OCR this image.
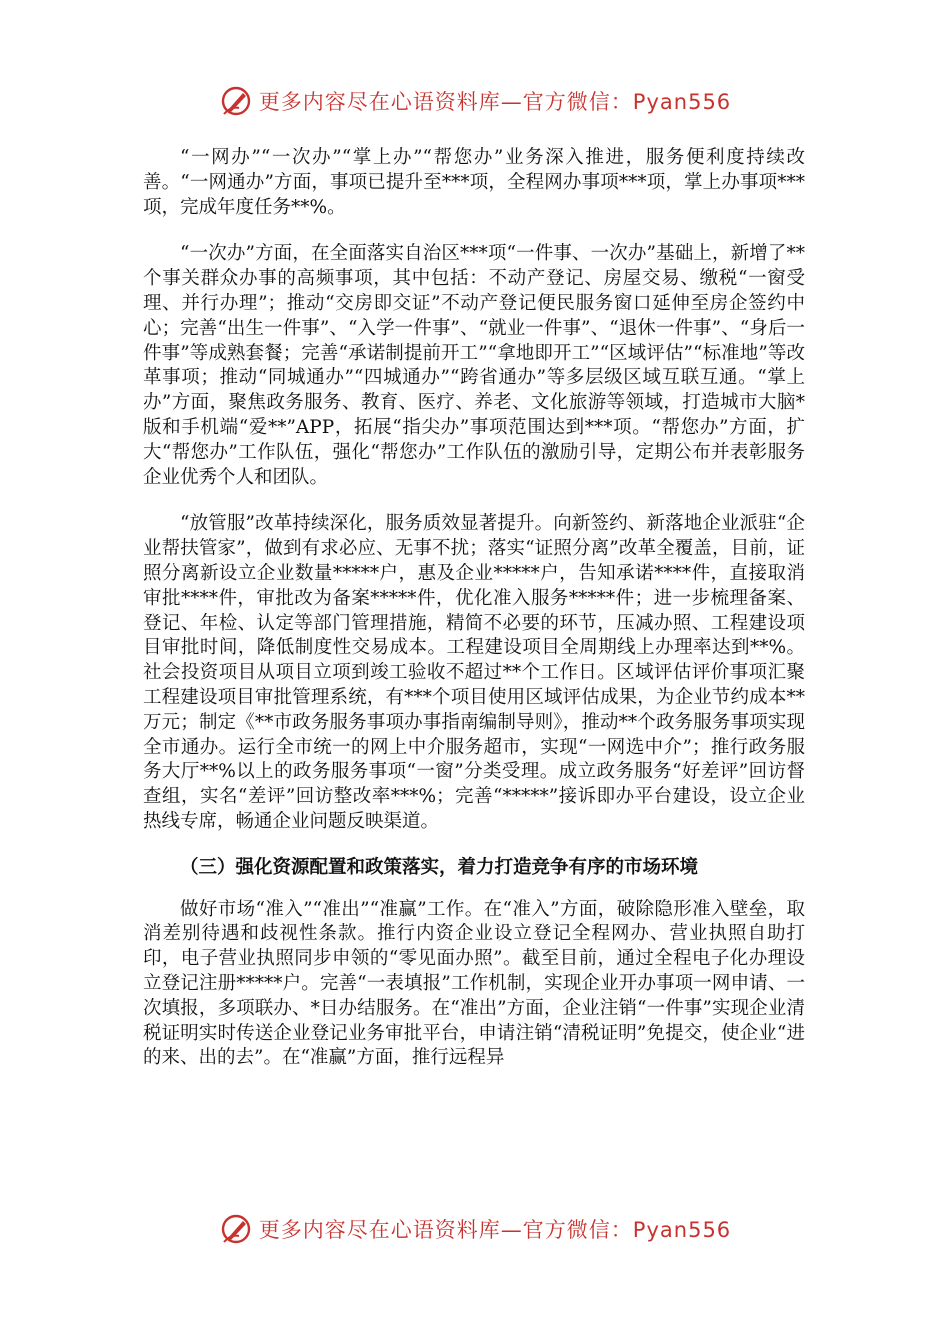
更多内容尽在心语资料库—官方微信：Pyan556

“一网办”“一次办”“掌上办”“帮您办”业务深入推进，服务便利度持续改善。“一网通办”方面，事项已提升至***项，全程网办事项***项，掌上办事项***项，完成年度任务**%。

“一次办”方面，在全面落实自治区***项“一件事、一次办”基础上，新增了**个事关群众办事的高频事项，其中包括：不动产登记、房屋交易、缴税“一窗受理、并行办理”；推动“交房即交证”不动产登记便民服务窗口延伸至房企签约中心；完善“出生一件事”、“入学一件事”、“就业一件事”、“退休一件事”、“身后一件事”等成熟套餐；完善“承诺制提前开工”“拿地即开工”“区域评估”“标准地”等改革事项；推动“同城通办”“四城通办”“跨省通办”等多层级区域互联互通。“掌上办”方面，聚焦政务服务、教育、医疗、养老、文化旅游等领域，打造城市大脑*版和手机端“爱**”APP，拓展“指尖办”事项范围达到***项。“帮您办”方面，扩大“帮您办”工作队伍，强化“帮您办”工作队伍的激励引导，定期公布并表彰服务企业优秀个人和团队。

“放管服”改革持续深化，服务质效显著提升。向新签约、新落地企业派驻“企业帮扶管家”，做到有求必应、无事不扰；落实“证照分离”改革全覆盖，目前，证照分离新设立企业数量*****户，惠及企业*****户，告知承诺****件，直接取消审批****件，审批改为备案*****件，优化准入服务*****件；进一步梳理备案、登记、年检、认定等部门管理措施，精简不必要的环节，压减办照、工程建设项目审批时间，降低制度性交易成本。工程建设项目全周期线上办理率达到**%。社会投资项目从项目立项到竣工验收不超过**个工作日。区域评估评价事项汇聚工程建设项目审批管理系统，有***个项目使用区域评估成果，为企业节约成本**万元；制定《**市政务服务事项办事指南编制导则》，推动**个政务服务事项实现全市通办。运行全市统一的网上中介服务超市，实现“一网选中介”；推行政务服务大厅**%以上的政务服务事项“一窗”分类受理。成立政务服务“好差评”回访督查组，实名“差评”回访整改率***%；完善“*****”接诉即办平台建设，设立企业热线专席，畅通企业问题反映渠道。

（三）强化资源配置和政策落实，着力打造竞争有序的市场环境

做好市场“准入”“准出”“准赢”工作。在“准入”方面，破除隐形准入壁垒，取消差别待遇和歧视性条款。推行内资企业设立登记全程网办、营业执照自助打印，电子营业执照同步申领的“零见面办照”。截至目前，通过全程电子化办理设立登记注册*****户。完善“一表填报”工作机制，实现企业开办事项一网申请、一次填报，多项联办、*日办结服务。在“准出”方面，企业注销“一件事”实现企业清税证明实时传送企业登记业务审批平台，申请注销“清税证明”免提交，使企业“进的来、出的去”。在“准赢”方面，推行远程异

更多内容尽在心语资料库—官方微信：Pyan556
